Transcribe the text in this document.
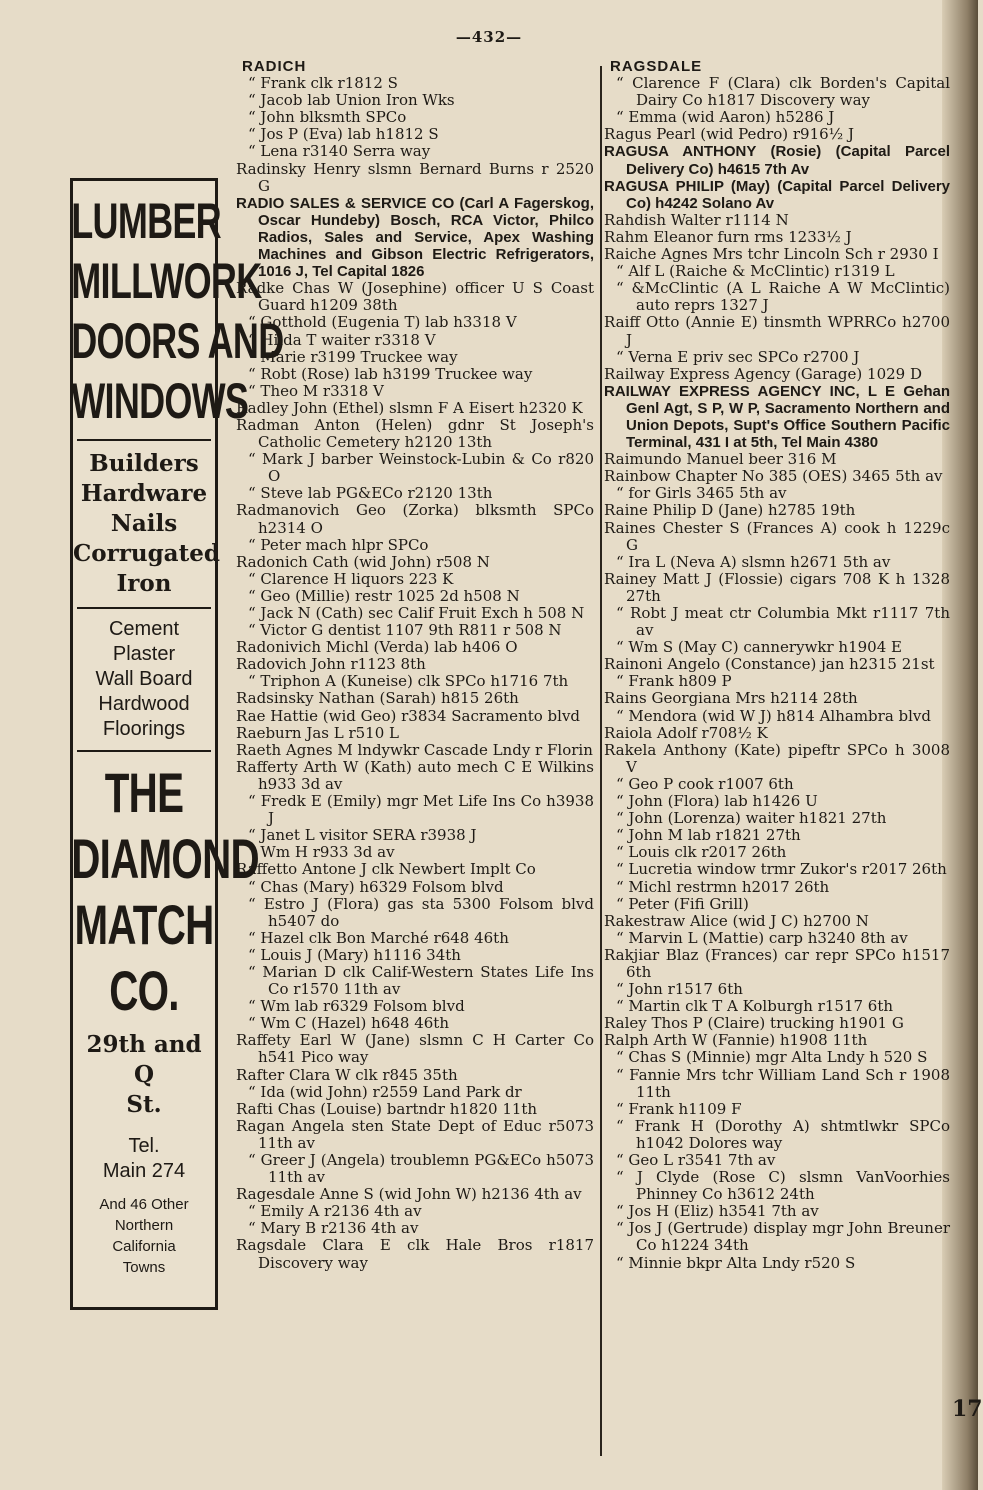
—432—
LUMBER
MILLWORK
DOORS AND
WINDOWS
Builders
Hardware
Nails
Corrugated
Iron
Cement
Plaster
Wall Board
Hardwood
Floorings
THE
DIAMOND
MATCH
CO.
29th and Q
St.
Tel.
Main 274
And 46 Other
Northern
California
Towns

RADICH

“ Frank clk r1812 S

“ Jacob lab Union Iron Wks

“ John blksmth SPCo

“ Jos P (Eva) lab h1812 S

“ Lena r3140 Serra way

Radinsky Henry slsmn Bernard Burns r 2520 G

RADIO SALES & SERVICE CO (Carl A Fagerskog, Oscar Hundeby) Bosch, RCA Victor, Philco Radios, Sales and Service, Apex Washing Machines and Gibson Electric Refrigerators, 1016 J, Tel Capital 1826

Radke Chas W (Josephine) officer U S Coast Guard h1209 38th

“ Gotthold (Eugenia T) lab h3318 V

“ Hilda T waiter r3318 V

“ Marie r3199 Truckee way

“ Robt (Rose) lab h3199 Truckee way

“ Theo M r3318 V

Radley John (Ethel) slsmn F A Eisert h2320 K

Radman Anton (Helen) gdnr St Joseph's Catholic Cemetery h2120 13th

“ Mark J barber Weinstock-Lubin & Co r820 O

“ Steve lab PG&ECo r2120 13th

Radmanovich Geo (Zorka) blksmth SPCo h2314 O

“ Peter mach hlpr SPCo

Radonich Cath (wid John) r508 N

“ Clarence H liquors 223 K

“ Geo (Millie) restr 1025 2d h508 N

“ Jack N (Cath) sec Calif Fruit Exch h 508 N

“ Victor G dentist 1107 9th R811 r 508 N

Radonivich Michl (Verda) lab h406 O

Radovich John r1123 8th

“ Triphon A (Kuneise) clk SPCo h1716 7th

Radsinsky Nathan (Sarah) h815 26th

Rae Hattie (wid Geo) r3834 Sacramento blvd

Raeburn Jas L r510 L

Raeth Agnes M lndywkr Cascade Lndy r Florin

Rafferty Arth W (Kath) auto mech C E Wilkins h933 3d av

“ Fredk E (Emily) mgr Met Life Ins Co h3938 J

“ Janet L visitor SERA r3938 J

“ Wm H r933 3d av

Raffetto Antone J clk Newbert Implt Co

“ Chas (Mary) h6329 Folsom blvd

“ Estro J (Flora) gas sta 5300 Folsom blvd h5407 do

“ Hazel clk Bon Marché r648 46th

“ Louis J (Mary) h1116 34th

“ Marian D clk Calif-Western States Life Ins Co r1570 11th av

“ Wm lab r6329 Folsom blvd

“ Wm C (Hazel) h648 46th

Raffety Earl W (Jane) slsmn C H Carter Co h541 Pico way

Rafter Clara W clk r845 35th

“ Ida (wid John) r2559 Land Park dr

Rafti Chas (Louise) bartndr h1820 11th

Ragan Angela sten State Dept of Educ r5073 11th av

“ Greer J (Angela) troublemn PG&ECo h5073 11th av

Ragesdale Anne S (wid John W) h2136 4th av

“ Emily A r2136 4th av

“ Mary B r2136 4th av

Ragsdale Clara E clk Hale Bros r1817 Discovery way

RAGSDALE

“ Clarence F (Clara) clk Borden's Capital Dairy Co h1817 Discovery way

“ Emma (wid Aaron) h5286 J

Ragus Pearl (wid Pedro) r916½ J

RAGUSA ANTHONY (Rosie) (Capital Parcel Delivery Co) h4615 7th Av

RAGUSA PHILIP (May) (Capital Parcel Delivery Co) h4242 Solano Av

Rahdish Walter r1114 N

Rahm Eleanor furn rms 1233½ J

Raiche Agnes Mrs tchr Lincoln Sch r 2930 I

“ Alf L (Raiche & McClintic) r1319 L

“ &McClintic (A L Raiche A W McClintic) auto reprs 1327 J

Raiff Otto (Annie E) tinsmth WPRRCo h2700 J

“ Verna E priv sec SPCo r2700 J

Railway Express Agency (Garage) 1029 D

RAILWAY EXPRESS AGENCY INC, L E Gehan Genl Agt, S P, W P, Sacramento Northern and Union Depots, Supt's Office Southern Pacific Terminal, 431 I at 5th, Tel Main 4380

Raimundo Manuel beer 316 M

Rainbow Chapter No 385 (OES) 3465 5th av

“ for Girls 3465 5th av

Raine Philip D (Jane) h2785 19th

Raines Chester S (Frances A) cook h 1229c G

“ Ira L (Neva A) slsmn h2671 5th av

Rainey Matt J (Flossie) cigars 708 K h 1328 27th

“ Robt J meat ctr Columbia Mkt r1117 7th av

“ Wm S (May C) cannerywkr h1904 E

Rainoni Angelo (Constance) jan h2315 21st

“ Frank h809 P

Rains Georgiana Mrs h2114 28th

“ Mendora (wid W J) h814 Alhambra blvd

Raiola Adolf r708½ K

Rakela Anthony (Kate) pipeftr SPCo h 3008 V

“ Geo P cook r1007 6th

“ John (Flora) lab h1426 U

“ John (Lorenza) waiter h1821 27th

“ John M lab r1821 27th

“ Louis clk r2017 26th

“ Lucretia window trmr Zukor's r2017 26th

“ Michl restrmn h2017 26th

“ Peter (Fifi Grill)

Rakestraw Alice (wid J C) h2700 N

“ Marvin L (Mattie) carp h3240 8th av

Rakjiar Blaz (Frances) car repr SPCo h1517 6th

“ John r1517 6th

“ Martin clk T A Kolburgh r1517 6th

Raley Thos P (Claire) trucking h1901 G

Ralph Arth W (Fannie) h1908 11th

“ Chas S (Minnie) mgr Alta Lndy h 520 S

“ Fannie Mrs tchr William Land Sch r 1908 11th

“ Frank h1109 F

“ Frank H (Dorothy A) shtmtlwkr SPCo h1042 Dolores way

“ Geo L r3541 7th av

“ J Clyde (Rose C) slsmn VanVoorhies Phinney Co h3612 24th

“ Jos H (Eliz) h3541 7th av

“ Jos J (Gertrude) display mgr John Breuner Co h1224 34th

“ Minnie bkpr Alta Lndy r520 S

17
